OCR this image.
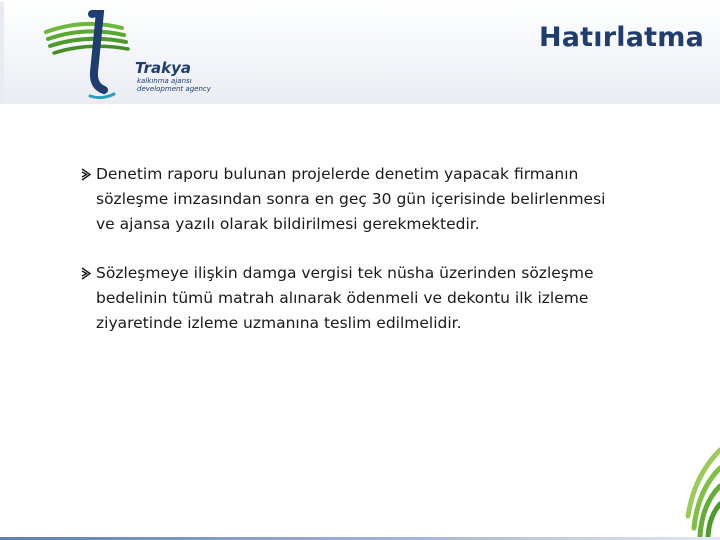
Trakya
kalkınma ajansı
development agency
Hatırlatma
Denetim raporu bulunan projelerde denetim yapacak firmanın
sözleşme imzasından sonra en geç 30 gün içerisinde belirlenmesi
ve ajansa yazılı olarak bildirilmesi gerekmektedir.
Sözleşmeye ilişkin damga vergisi tek nüsha üzerinden sözleşme
bedelinin tümü matrah alınarak ödenmeli ve dekontu ilk izleme
ziyaretinde izleme uzmanına teslim edilmelidir.
